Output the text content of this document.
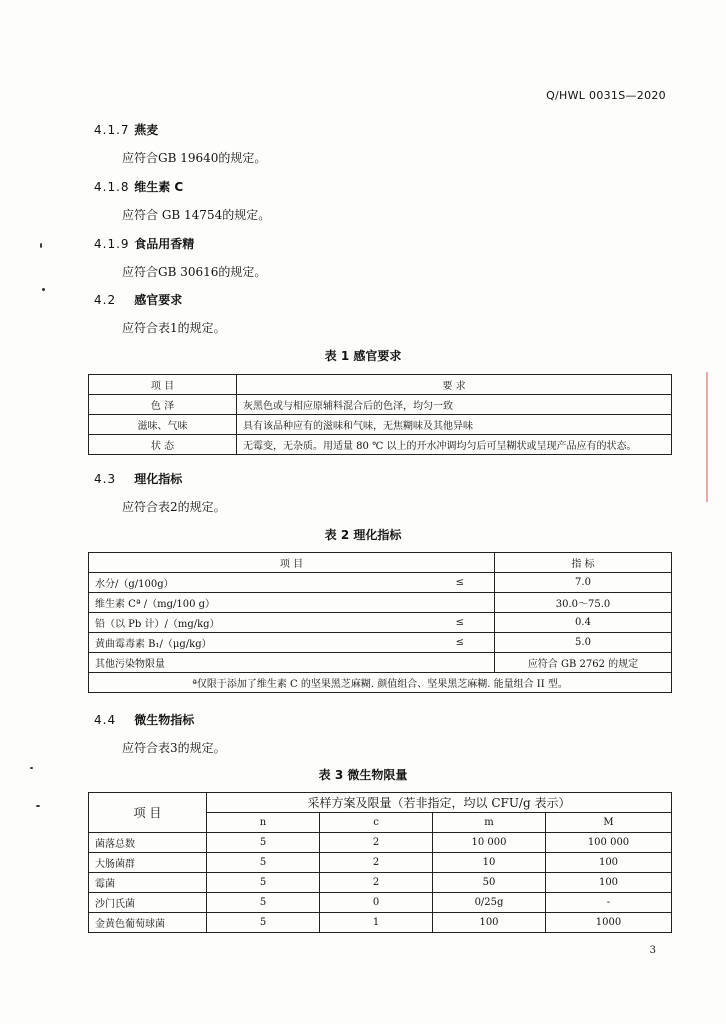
Q/HWL 0031S—2020
4.1.7 燕麦
应符合GB 19640的规定。
4.1.8 维生素 C
应符合 GB 14754的规定。
4.1.9 食品用香精
应符合GB 30616的规定。
4.2 感官要求
应符合表1的规定。
表 1 感官要求
项 目	要 求
色 泽	灰黑色或与相应原辅料混合后的色泽，均匀一致
滋味、气味	具有该品种应有的滋味和气味，无焦糊味及其他异味
状 态	无霉变，无杂质。用适量 80 ℃ 以上的开水冲调均匀后可呈糊状或呈现产品应有的状态。
4.3 理化指标
应符合表2的规定。
表 2 理化指标
项 目		指 标
水分/（g/100g）	≤	7.0
维生素 Cª /（mg/100 g）		30.0～75.0
铅（以 Pb 计）/（mg/kg）	≤	0.4
黄曲霉毒素 B₁/（μg/kg）	≤	5.0
其他污染物限量		应符合 GB 2762 的规定
ª仅限于添加了维生素 C 的坚果黑芝麻糊. 颜值组合、坚果黑芝麻糊. 能量组合 II 型。		
4.4 微生物指标
应符合表3的规定。
表 3 微生物限量
项 目	采样方案及限量（若非指定，均以 CFU/g 表示）			
	n	c	m	M
菌落总数	5	2	10 000	100 000
大肠菌群	5	2	10	100
霉菌	5	2	50	100
沙门氏菌	5	0	0/25g	-
金黄色葡萄球菌	5	1	100	1000
3
